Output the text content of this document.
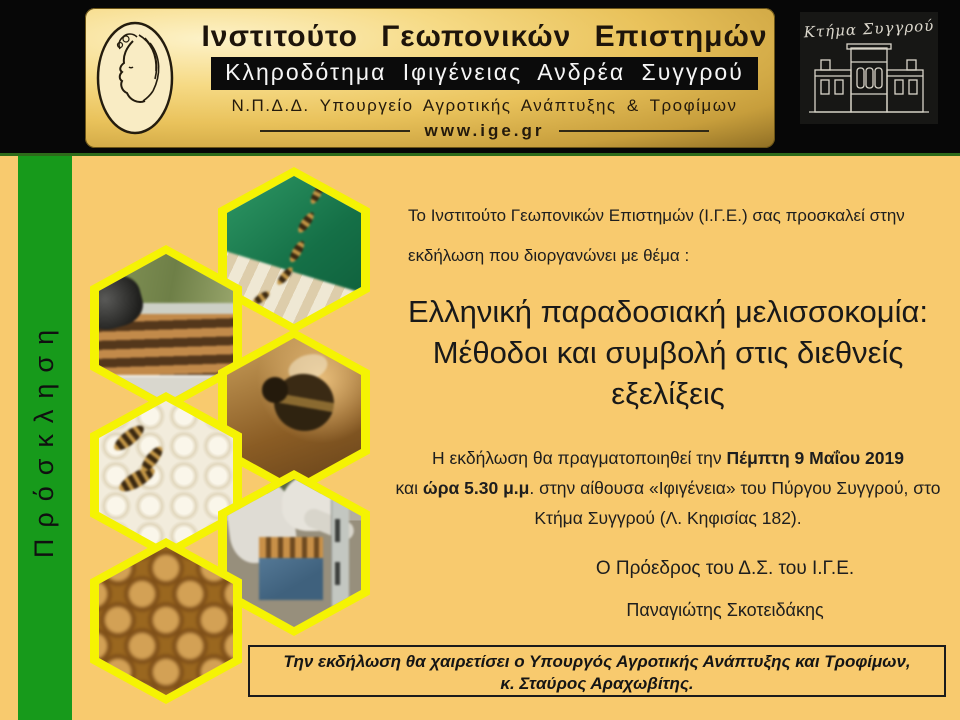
Ινστιτούτο Γεωπονικών Επιστημών
Κληροδότημα Ιφιγένειας Ανδρέα Συγγρού
Ν.Π.Δ.Δ. Υπουργείο Αγροτικής Ανάπτυξης & Τροφίμων
www.ige.gr
Κτήμα Συγγρού
Πρόσκληση
Το Ινστιτούτο Γεωπονικών Επιστημών (Ι.Γ.Ε.) σας προσκαλεί στην
εκδήλωση που διοργανώνει με θέμα :
Ελληνική παραδοσιακή μελισσοκομία:
Μέθοδοι και συμβολή στις διεθνείς
εξελίξεις
Η εκδήλωση θα πραγματοποιηθεί την Πέμπτη 9 Μαΐου 2019
και ώρα 5.30 μ.μ. στην αίθουσα «Ιφιγένεια» του Πύργου Συγγρού, στο
Κτήμα Συγγρού (Λ. Κηφισίας 182).
Ο Πρόεδρος του Δ.Σ. του Ι.Γ.Ε.
Παναγιώτης Σκοτειδάκης
Την εκδήλωση θα χαιρετίσει ο Υπουργός Αγροτικής Ανάπτυξης και Τροφίμων,
κ. Σταύρος Αραχωβίτης.
